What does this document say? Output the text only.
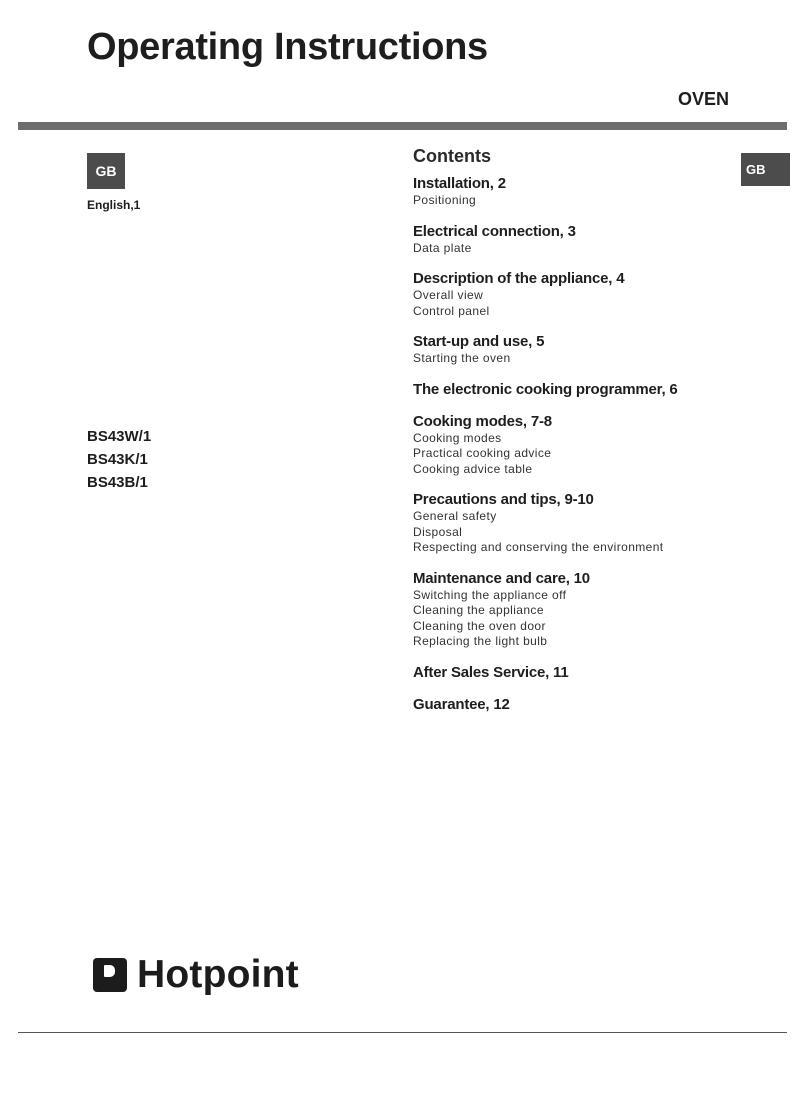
Operating Instructions
OVEN
GB
English,1
GB
BS43W/1
BS43K/1
BS43B/1
Contents
Installation, 2
Positioning
Electrical connection, 3
Data plate
Description of the appliance, 4
Overall view
Control panel
Start-up and use, 5
Starting the oven
The electronic cooking programmer, 6
Cooking modes, 7-8
Cooking modes
Practical cooking advice
Cooking advice table
Precautions and tips, 9-10
General safety
Disposal
Respecting and conserving the environment
Maintenance and care, 10
Switching the appliance off
Cleaning the appliance
Cleaning the oven door
Replacing the light bulb
After Sales Service, 11
Guarantee, 12
Hotpoint
